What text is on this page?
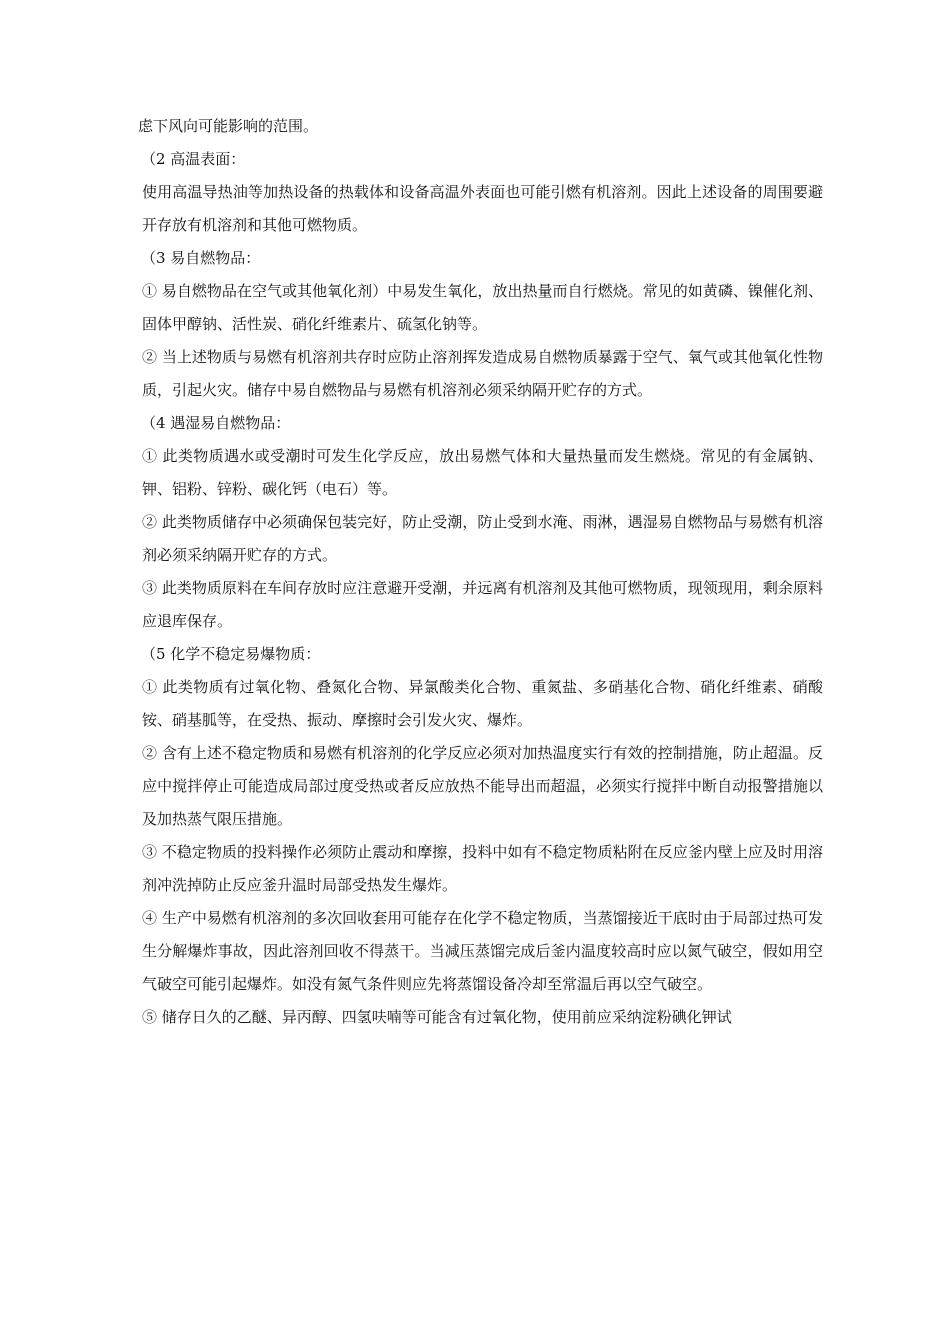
虑下风向可能影响的范围。

（2 高温表面：

使用高温导热油等加热设备的热载体和设备高温外表面也可能引燃有机溶剂。因此上述设备的周围要避开存放有机溶剂和其他可燃物质。

（3 易自燃物品：

① 易自燃物品在空气或其他氧化剂）中易发生氧化，放出热量而自行燃烧。常见的如黄磷、镍催化剂、固体甲醇钠、活性炭、硝化纤维素片、硫氢化钠等。

② 当上述物质与易燃有机溶剂共存时应防止溶剂挥发造成易自燃物质暴露于空气、氧气或其他氧化性物质，引起火灾。储存中易自燃物品与易燃有机溶剂必须采纳隔开贮存的方式。

（4 遇湿易自燃物品：

① 此类物质遇水或受潮时可发生化学反应，放出易燃气体和大量热量而发生燃烧。常见的有金属钠、钾、铝粉、锌粉、碳化钙（电石）等。

② 此类物质储存中必须确保包装完好，防止受潮，防止受到水淹、雨淋，遇湿易自燃物品与易燃有机溶剂必须采纳隔开贮存的方式。

③ 此类物质原料在车间存放时应注意避开受潮，并远离有机溶剂及其他可燃物质，现领现用，剩余原料应退库保存。

（5 化学不稳定易爆物质：

① 此类物质有过氧化物、叠氮化合物、异氯酸类化合物、重氮盐、多硝基化合物、硝化纤维素、硝酸铵、硝基胍等，在受热、振动、摩擦时会引发火灾、爆炸。

② 含有上述不稳定物质和易燃有机溶剂的化学反应必须对加热温度实行有效的控制措施，防止超温。反应中搅拌停止可能造成局部过度受热或者反应放热不能导出而超温，必须实行搅拌中断自动报警措施以及加热蒸气限压措施。

③ 不稳定物质的投料操作必须防止震动和摩擦，投料中如有不稳定物质粘附在反应釜内壁上应及时用溶剂冲洗掉防止反应釜升温时局部受热发生爆炸。

④ 生产中易燃有机溶剂的多次回收套用可能存在化学不稳定物质，当蒸馏接近干底时由于局部过热可发生分解爆炸事故，因此溶剂回收不得蒸干。当减压蒸馏完成后釜内温度较高时应以氮气破空，假如用空气破空可能引起爆炸。如没有氮气条件则应先将蒸馏设备冷却至常温后再以空气破空。

⑤ 储存日久的乙醚、异丙醇、四氢呋喃等可能含有过氧化物，使用前应采纳淀粉碘化钾试
